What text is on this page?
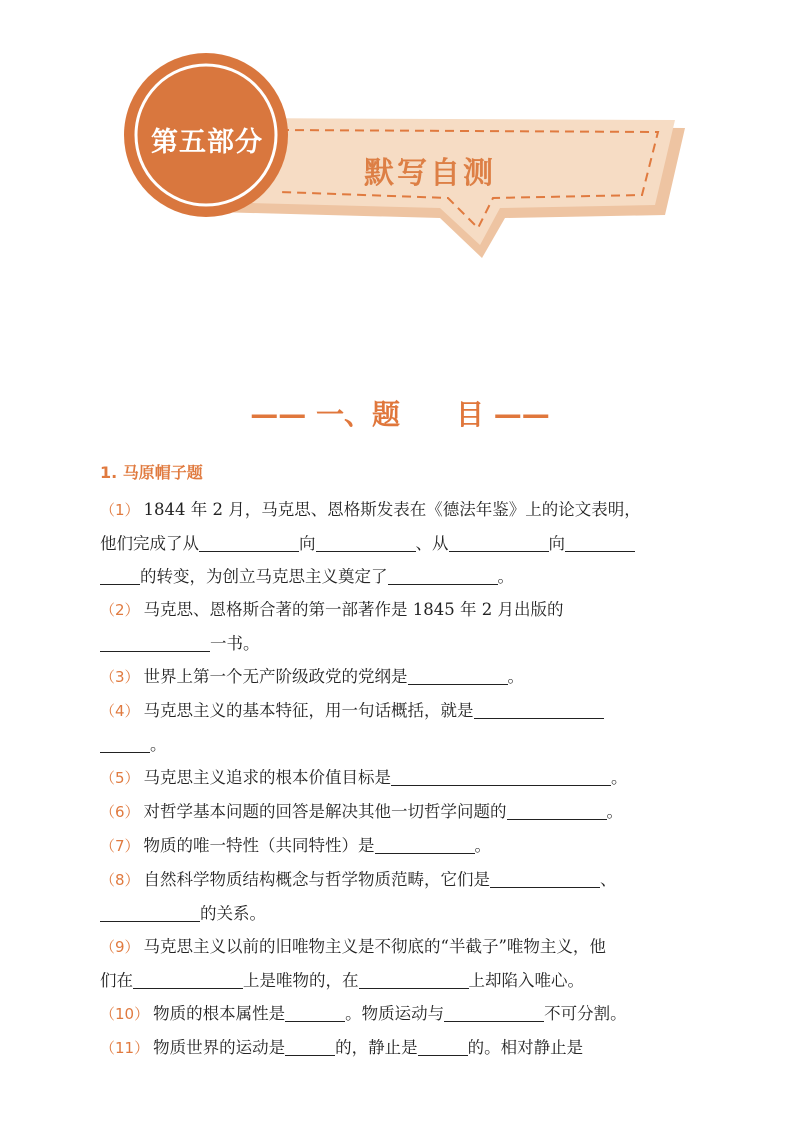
第五部分
默写自测
—— 一、题　　目 ——
1. 马原帽子题

（1） 1844 年 2 月，马克思、恩格斯发表在《德法年鉴》上的论文表明，
他们完成了从	向	、从	向
的转变，为创立马克思主义奠定了	。

（2） 马克思、恩格斯合著的第一部著作是 1845 年 2 月出版的
一书。

（3） 世界上第一个无产阶级政党的党纲是	。

（4） 马克思主义的基本特征，用一句话概括，就是
。

（5） 马克思主义追求的根本价值目标是	。

（6） 对哲学基本问题的回答是解决其他一切哲学问题的	。

（7） 物质的唯一特性（共同特性）是	。

（8） 自然科学物质结构概念与哲学物质范畴，它们是	、
的关系。

（9） 马克思主义以前的旧唯物主义是不彻底的“半截子”唯物主义，他
们在	上是唯物的，在	上却陷入唯心。

（10） 物质的根本属性是	。物质运动与	不可分割。

（11） 物质世界的运动是	的，静止是	的。相对静止是
